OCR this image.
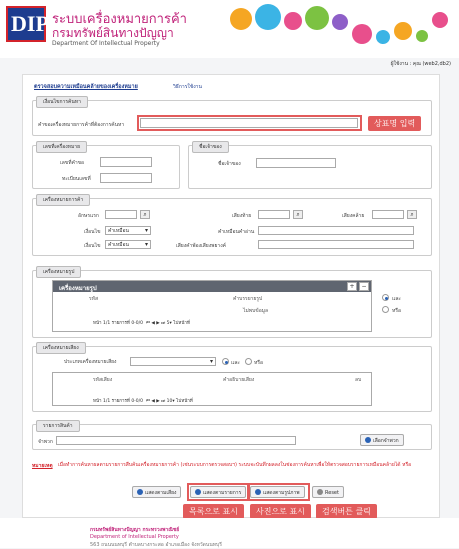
DIP ระบบเครื่องหมายการค้า
กรมทรัพย์สินทางปัญญา
Department Of Intellectual Property
ผู้ใช้งาน : คุณ (web2,db2)
ตรวจสอบความเหมือนคล้ายของเครื่องหมาย	วิธีการใช้งาน
เงื่อนไขการค้นหา
คำขอเครื่องหมายการค้าที่ต้องการค้นหา	상표명 입력
เลขที่เครื่องหมาย
เลขที่คำขอ
ทะเบียนเลขที่
ชื่อเจ้าของ
ชื่อเจ้าของ
เครื่องหมายการค้า
อักษรแรก	⌕	เสียงท้าย	⌕	เสียงคล้าย	⌕
เงื่อนไข	คำเหมือน ▾	คำเหมือนคำอ่าน
เงื่อนไข	คำเหมือน ▾	เสียงคำพ้องเสียงพยางค์
เครื่องหมายรูป
เครื่องหมายรูป	+	−
รหัส	คำบรรยายรูป
ไม่พบข้อมูล
หน้า 1/1 รายการที่ 0-0/0  ⏮ ◀ ▶ ⏭ 5▾ ไปหน้าที่
และ
หรือ
เครื่องหมายเสียง
ประเภทเครื่องหมายเสียง
▾	และ	หรือ
รหัสเสียง	คำอธิบายเสียง	ลบ
หน้า 1/1 รายการที่ 0-0/0  ⏮ ◀ ▶ ⏭ 10▾ ไปหน้าที่
รายการสินค้า
จำพวก	เลือกจำพวก
หมายเหตุ เมื่อทำการค้นหาผลตามรายการสืบค้นเครื่องหมายการค้า (เช่นระบบการตรวจสอบฯ) ระบบจะบันทึกผลลงในช่องการค้นหาเพื่อให้ตรวจสอบรายการเหมือนคล้ายได้ หรือ
แสดงตามเสียง	แสดงตามรายการ	แสดงตามรูปภาพ	Reset
목록으로 표시	사진으로 표시	검색버튼 클릭
กรมทรัพย์สินทางปัญญา กระทรวงพาณิชย์
Department of Intellectual Property
563 ถนนนนทบุรี ตำบลบางกระสอ อำเภอเมือง จังหวัดนนทบุรี
